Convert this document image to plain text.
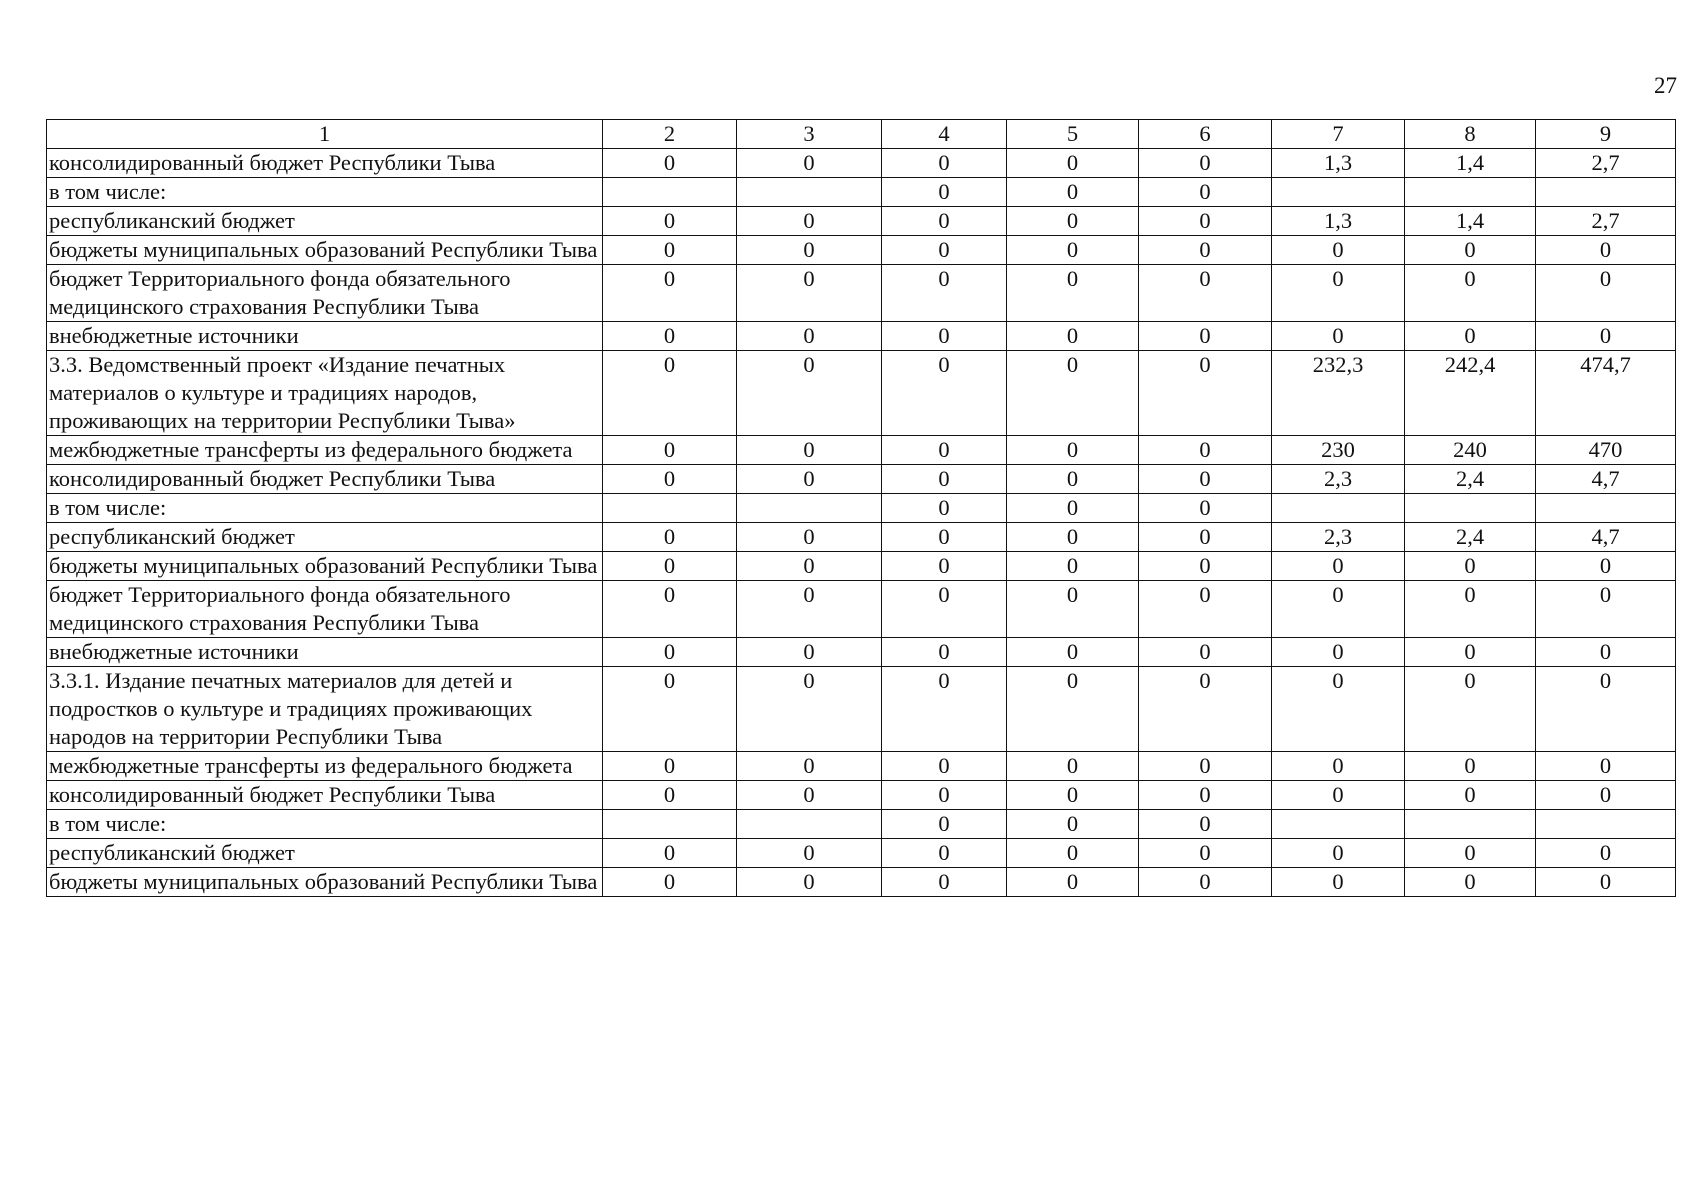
27
1	2	3	4	5	6	7	8	9
консолидированный бюджет Республики Тыва	0	0	0	0	0	1,3	1,4	2,7
в том числе:			0	0	0			
республиканский бюджет	0	0	0	0	0	1,3	1,4	2,7
бюджеты муниципальных образований Республики Тыва	0	0	0	0	0	0	0	0
бюджет Территориального фонда обязательного медицинского страхования Республики Тыва	0	0	0	0	0	0	0	0
внебюджетные источники	0	0	0	0	0	0	0	0
3.3. Ведомственный проект «Издание печатных материалов о культуре и традициях народов, проживающих на территории Республики Тыва»	0	0	0	0	0	232,3	242,4	474,7
межбюджетные трансферты из федерального бюджета	0	0	0	0	0	230	240	470
консолидированный бюджет Республики Тыва	0	0	0	0	0	2,3	2,4	4,7
в том числе:			0	0	0			
республиканский бюджет	0	0	0	0	0	2,3	2,4	4,7
бюджеты муниципальных образований Республики Тыва	0	0	0	0	0	0	0	0
бюджет Территориального фонда обязательного медицинского страхования Республики Тыва	0	0	0	0	0	0	0	0
внебюджетные источники	0	0	0	0	0	0	0	0
3.3.1. Издание печатных материалов для детей и подростков о культуре и традициях проживающих народов на территории Республики Тыва	0	0	0	0	0	0	0	0
межбюджетные трансферты из федерального бюджета	0	0	0	0	0	0	0	0
консолидированный бюджет Республики Тыва	0	0	0	0	0	0	0	0
в том числе:			0	0	0			
республиканский бюджет	0	0	0	0	0	0	0	0
бюджеты муниципальных образований Республики Тыва	0	0	0	0	0	0	0	0
